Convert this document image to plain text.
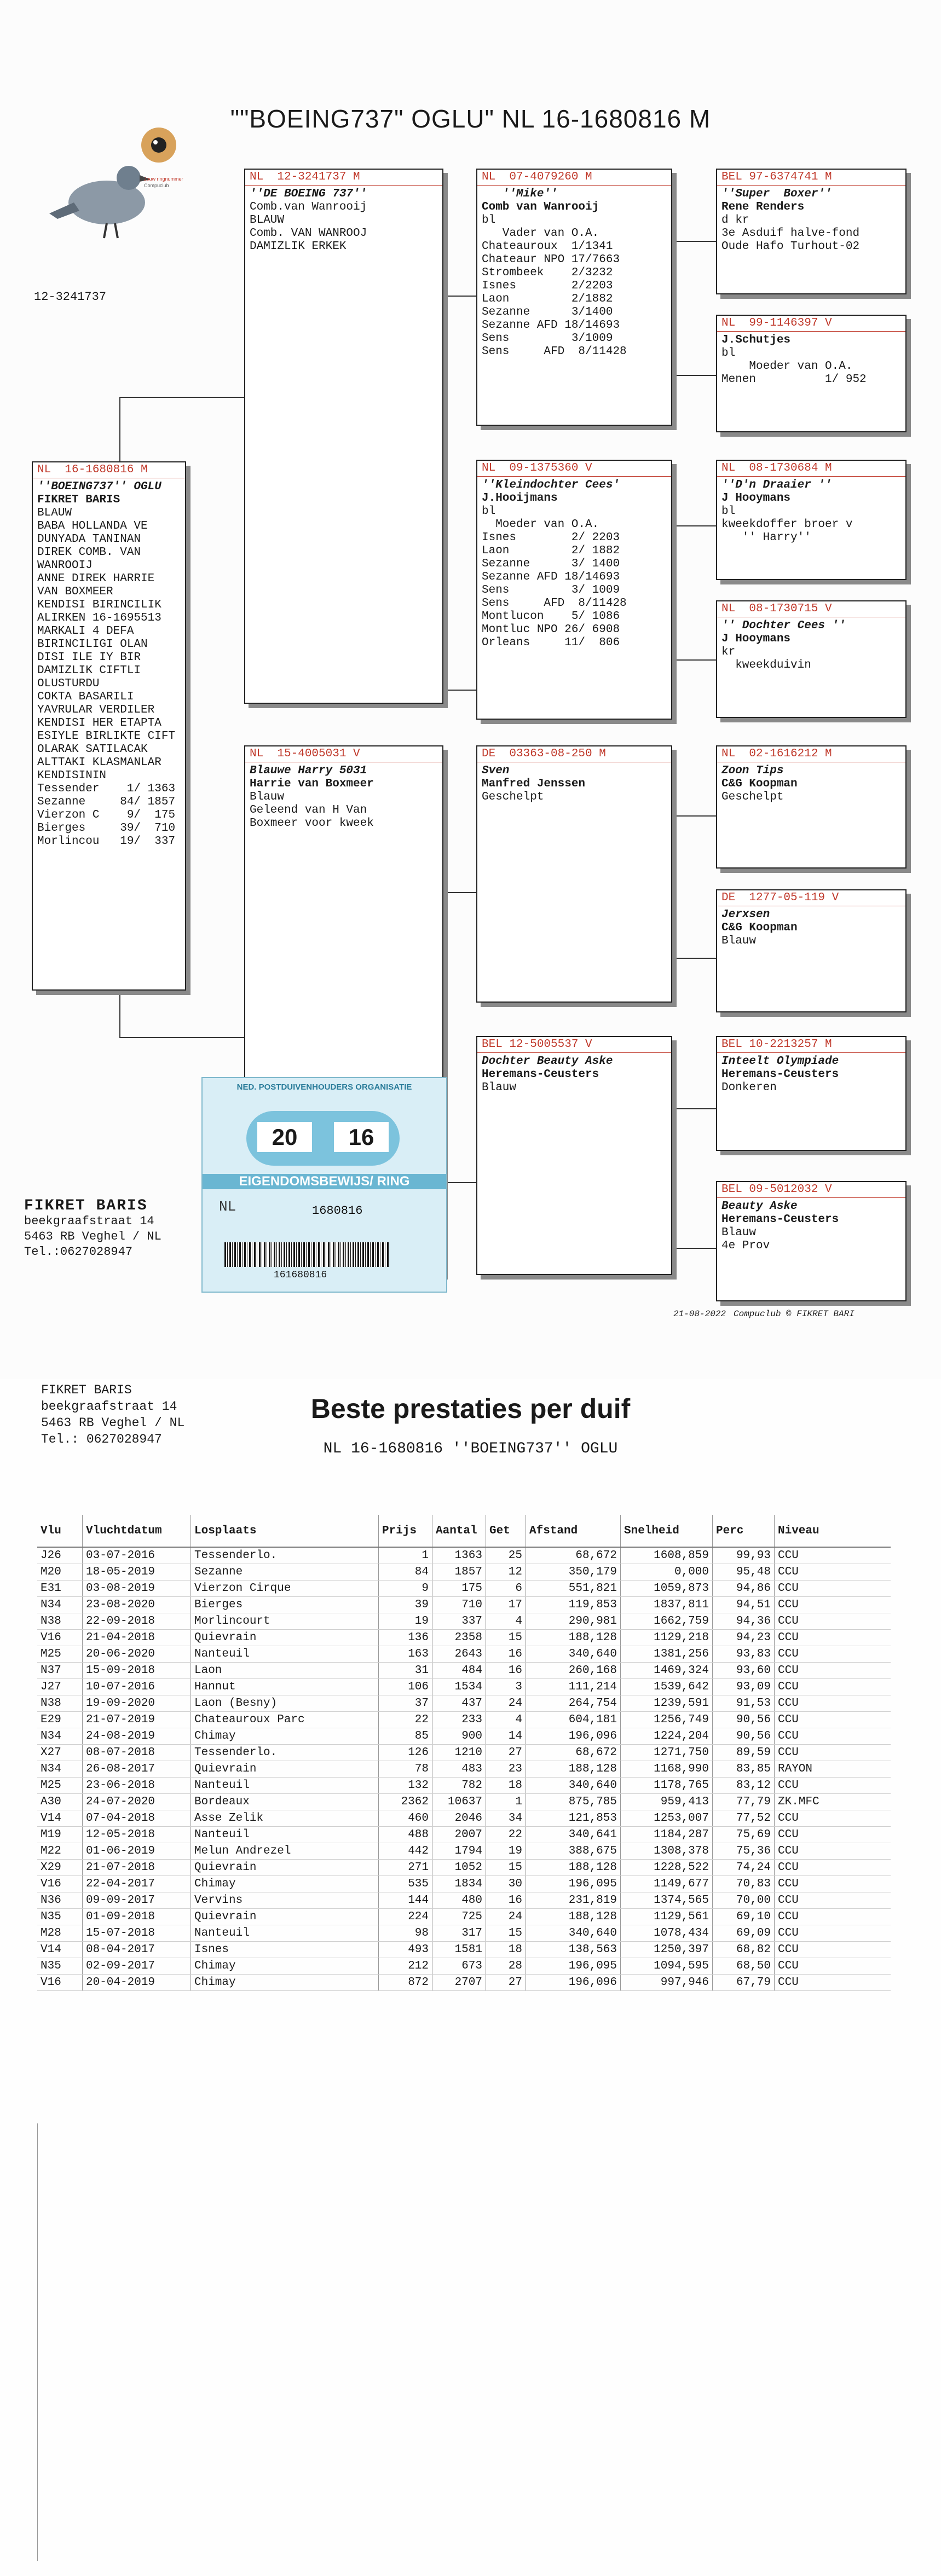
""BOEING737" OGLU" NL 16-1680816 M
Jouw ringnummer
Compuclub
12-3241737
NL  16-1680816 M
''BOEING737'' OGLU
FIKRET BARIS
BLAUW
BABA HOLLANDA VE
DUNYADA TANINAN
DIREK COMB. VAN
WANROOIJ
ANNE DIREK HARRIE
VAN BOXMEER
KENDISI BIRINCILIK
ALIRKEN 16-1695513
MARKALI 4 DEFA
BIRINCILIGI OLAN
DISI ILE IY BIR
DAMIZLIK CIFTLI
OLUSTURDU
COKTA BASARILI
YAVRULAR VERDILER
KENDISI HER ETAPTA
ESIYLE BIRLIKTE CIFT
OLARAK SATILACAK
ALTTAKI KLASMANLAR
KENDISININ
Tessender    1/ 1363
Sezanne     84/ 1857
Vierzon C    9/  175
Bierges     39/  710
Morlincou   19/  337
NL  12-3241737 M
''DE BOEING 737''
Comb.van Wanrooij
BLAUW
Comb. VAN WANROOJ
DAMIZLIK ERKEK
NL  15-4005031 V
Blauwe Harry 5031
Harrie van Boxmeer
Blauw
Geleend van H Van
Boxmeer voor kweek
NL  07-4079260 M
''Mike''
Comb van Wanrooij
bl
Vader van O.A.
Chateauroux  1/1341
Chateaur NPO 17/7663
Strombeek    2/3232
Isnes        2/2203
Laon         2/1882
Sezanne      3/1400
Sezanne AFD 18/14693
Sens         3/1009
Sens     AFD  8/11428
NL  09-1375360 V
''Kleindochter Cees'
J.Hooijmans
bl
Moeder van O.A.
Isnes        2/ 2203
Laon         2/ 1882
Sezanne      3/ 1400
Sezanne AFD 18/14693
Sens         3/ 1009
Sens     AFD  8/11428
Montlucon    5/ 1086
Montluc NPO 26/ 6908
Orleans     11/  806
DE  03363-08-250 M
Sven
Manfred Jenssen
Geschelpt
BEL 12-5005537 V
Dochter Beauty Aske
Heremans-Ceusters
Blauw
BEL 97-6374741 M
''Super  Boxer''
Rene Renders
d kr
3e Asduif halve-fond
Oude Hafo Turhout-02
NL  99-1146397 V
J.Schutjes
bl
Moeder van O.A.
Menen          1/ 952
NL  08-1730684 M
''D'n Draaier ''
J Hooymans
bl
kweekdoffer broer v
'' Harry''
NL  08-1730715 V
'' Dochter Cees ''
J Hooymans
kr
kweekduivin
NL  02-1616212 M
Zoon Tips
C&G Koopman
Geschelpt
DE  1277-05-119 V
Jerxsen
C&G Koopman
Blauw
BEL 10-2213257 M
Inteelt Olympiade
Heremans-Ceusters
Donkeren
BEL 09-5012032 V
Beauty Aske
Heremans-Ceusters
Blauw
4e Prov
NED. POSTDUIVENHOUDERS ORGANISATIE
20	16
EIGENDOMSBEWIJS/ RING
NL	1680816
161680816
FIKRET BARIS
beekgraafstraat 14
5463 RB Veghel / NL
Tel.:0627028947
21-08-2022 Compuclub © FIKRET BARI
FIKRET BARIS
beekgraafstraat 14
5463 RB Veghel / NL
Tel.: 0627028947
Beste prestaties per duif
NL 16-1680816 ''BOEING737'' OGLU
Vlu	Vluchtdatum	Losplaats	Prijs	Aantal	Get	Afstand	Snelheid	Perc	Niveau
J26	03-07-2016	Tessenderlo.	1	1363	25	68,672	1608,859	99,93	CCU
M20	18-05-2019	Sezanne	84	1857	12	350,179	0,000	95,48	CCU
E31	03-08-2019	Vierzon Cirque	9	175	6	551,821	1059,873	94,86	CCU
N34	23-08-2020	Bierges	39	710	17	119,853	1837,811	94,51	CCU
N38	22-09-2018	Morlincourt	19	337	4	290,981	1662,759	94,36	CCU
V16	21-04-2018	Quievrain	136	2358	15	188,128	1129,218	94,23	CCU
M25	20-06-2020	Nanteuil	163	2643	16	340,640	1381,256	93,83	CCU
N37	15-09-2018	Laon	31	484	16	260,168	1469,324	93,60	CCU
J27	10-07-2016	Hannut	106	1534	3	111,214	1539,642	93,09	CCU
N38	19-09-2020	Laon (Besny)	37	437	24	264,754	1239,591	91,53	CCU
E29	21-07-2019	Chateauroux Parc	22	233	4	604,181	1256,749	90,56	CCU
N34	24-08-2019	Chimay	85	900	14	196,096	1224,204	90,56	CCU
X27	08-07-2018	Tessenderlo.	126	1210	27	68,672	1271,750	89,59	CCU
N34	26-08-2017	Quievrain	78	483	23	188,128	1168,990	83,85	RAYON
M25	23-06-2018	Nanteuil	132	782	18	340,640	1178,765	83,12	CCU
A30	24-07-2020	Bordeaux	2362	10637	1	875,785	959,413	77,79	ZK.MFC
V14	07-04-2018	Asse Zelik	460	2046	34	121,853	1253,007	77,52	CCU
M19	12-05-2018	Nanteuil	488	2007	22	340,641	1184,287	75,69	CCU
M22	01-06-2019	Melun Andrezel	442	1794	19	388,675	1308,378	75,36	CCU
X29	21-07-2018	Quievrain	271	1052	15	188,128	1228,522	74,24	CCU
V16	22-04-2017	Chimay	535	1834	30	196,095	1149,677	70,83	CCU
N36	09-09-2017	Vervins	144	480	16	231,819	1374,565	70,00	CCU
N35	01-09-2018	Quievrain	224	725	24	188,128	1129,561	69,10	CCU
M28	15-07-2018	Nanteuil	98	317	15	340,640	1078,434	69,09	CCU
V14	08-04-2017	Isnes	493	1581	18	138,563	1250,397	68,82	CCU
N35	02-09-2017	Chimay	212	673	28	196,095	1094,595	68,50	CCU
V16	20-04-2019	Chimay	872	2707	27	196,096	997,946	67,79	CCU
